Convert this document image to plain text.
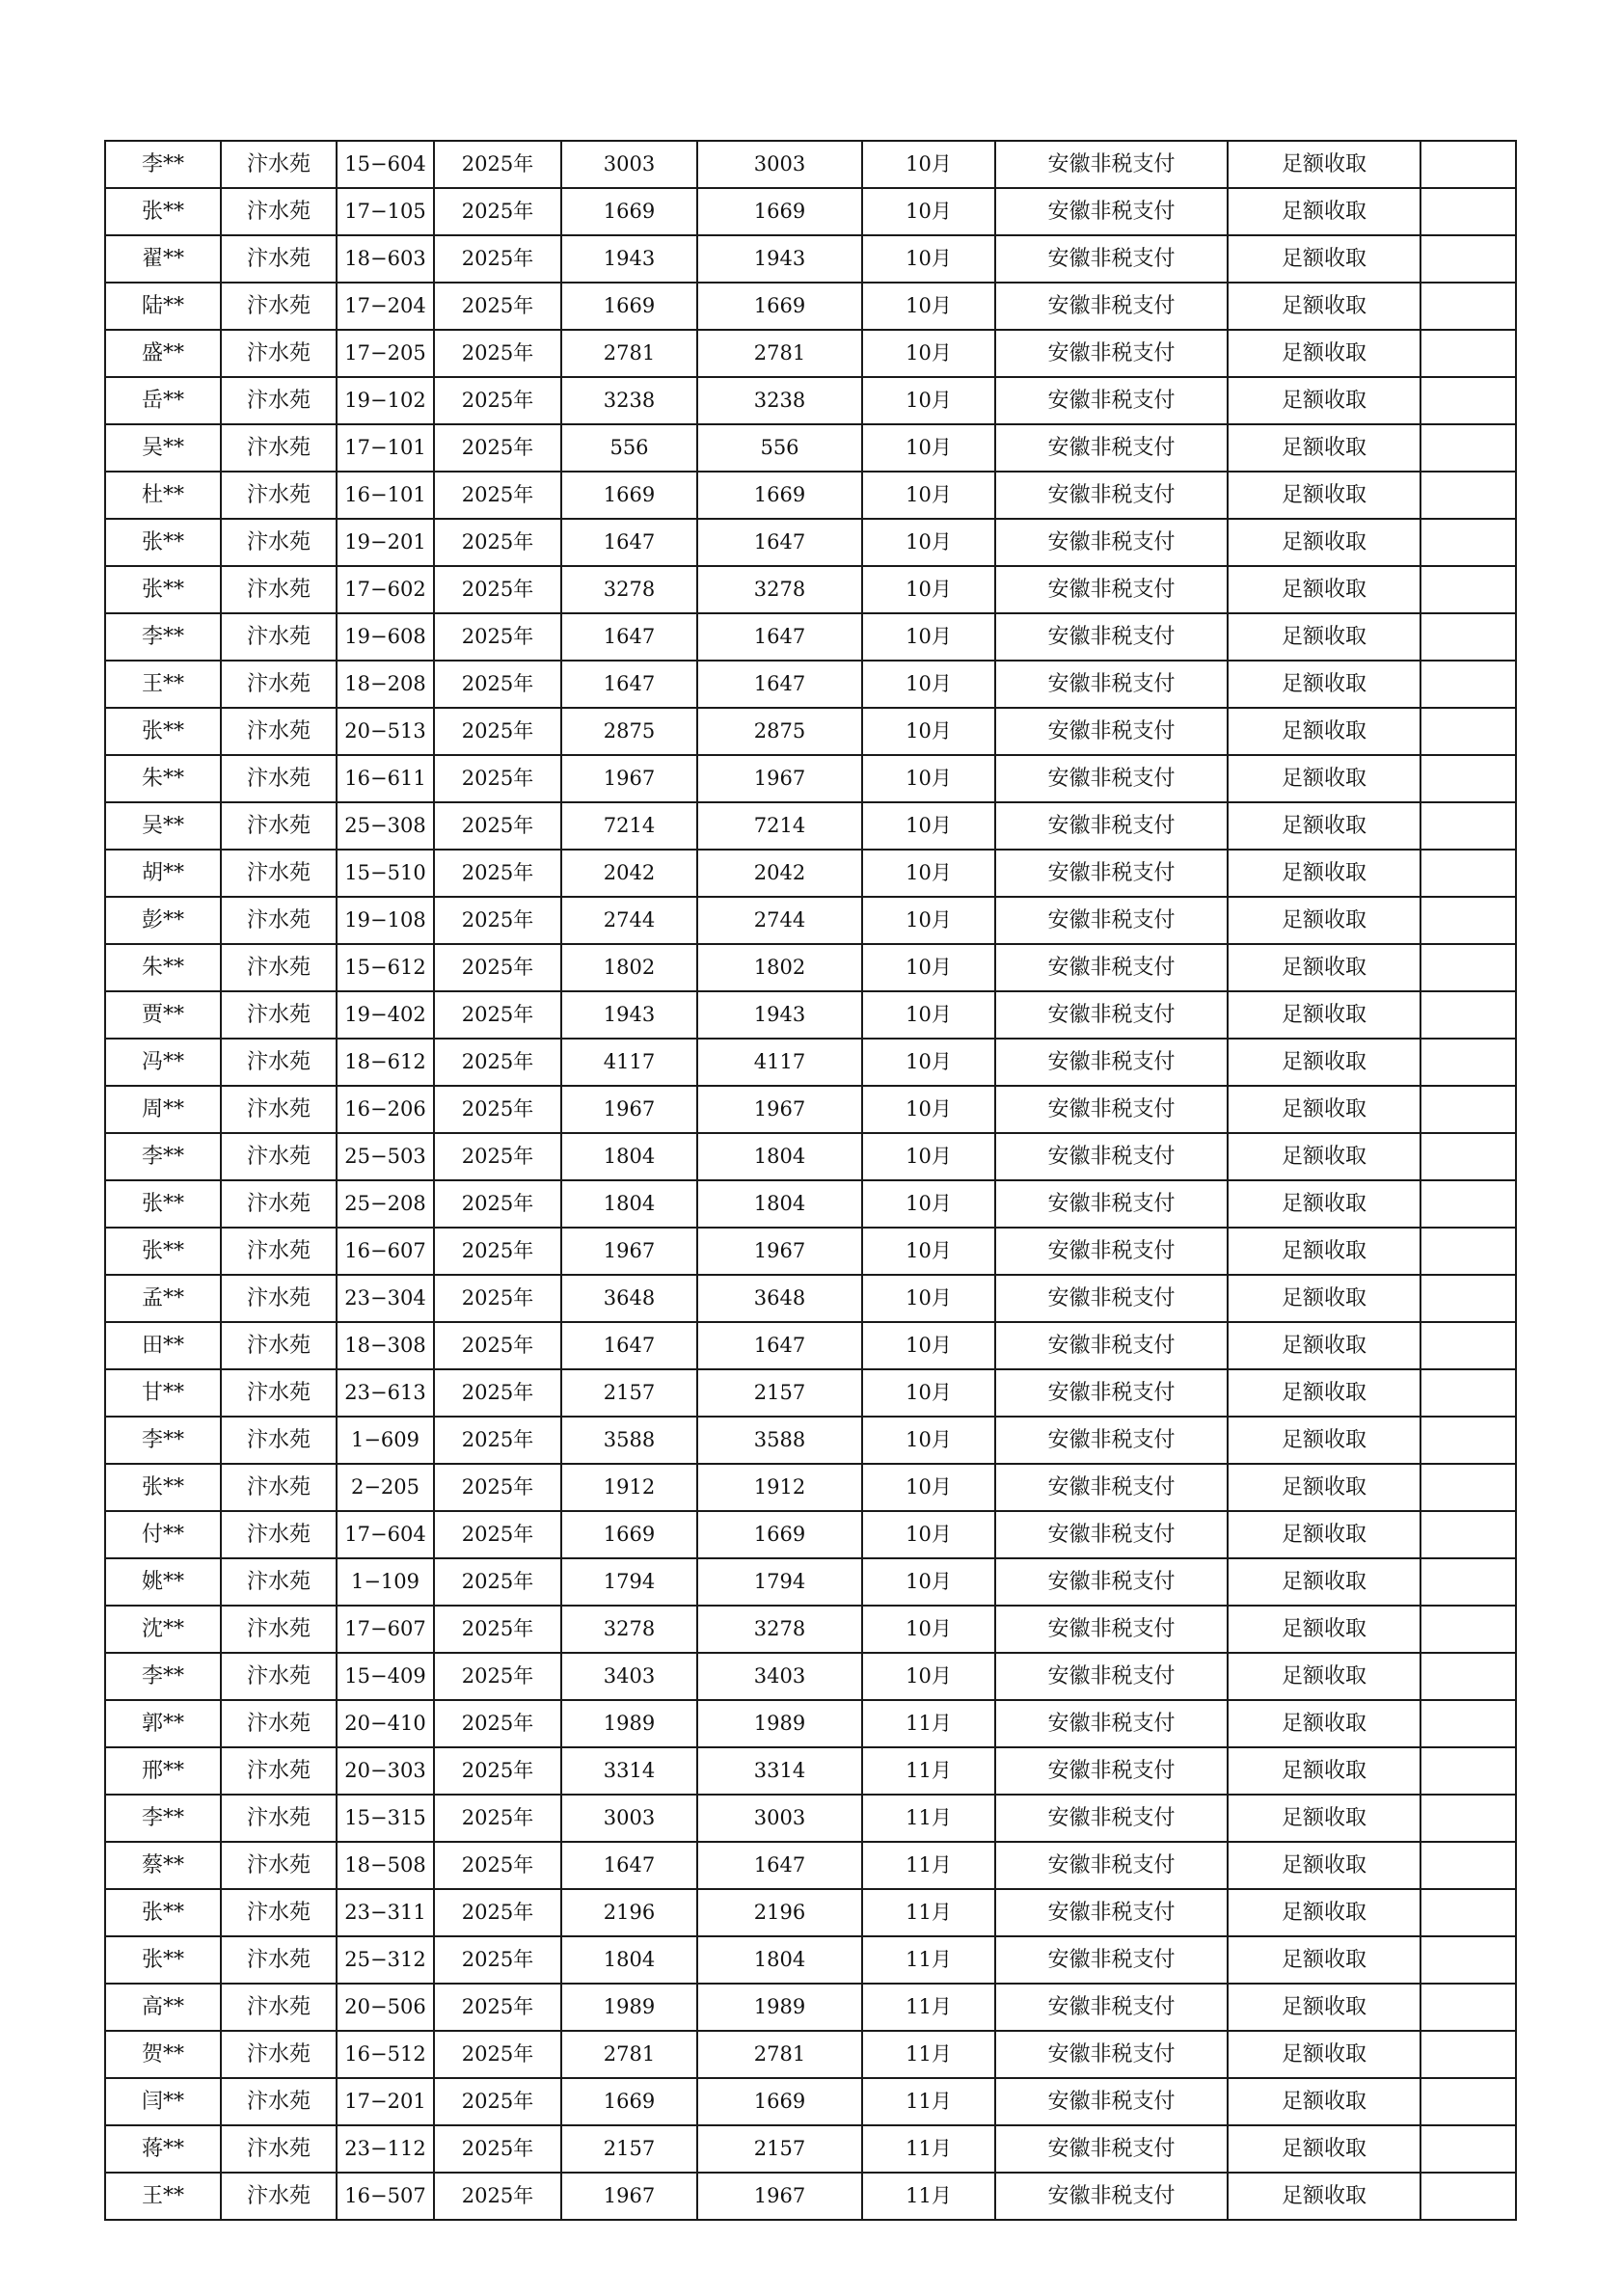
李**	汴水苑	15−604	2025年	3003	3003	10月	安徽非税支付	足额收取	
张**	汴水苑	17−105	2025年	1669	1669	10月	安徽非税支付	足额收取	
翟**	汴水苑	18−603	2025年	1943	1943	10月	安徽非税支付	足额收取	
陆**	汴水苑	17−204	2025年	1669	1669	10月	安徽非税支付	足额收取	
盛**	汴水苑	17−205	2025年	2781	2781	10月	安徽非税支付	足额收取	
岳**	汴水苑	19−102	2025年	3238	3238	10月	安徽非税支付	足额收取	
吴**	汴水苑	17−101	2025年	556	556	10月	安徽非税支付	足额收取	
杜**	汴水苑	16−101	2025年	1669	1669	10月	安徽非税支付	足额收取	
张**	汴水苑	19−201	2025年	1647	1647	10月	安徽非税支付	足额收取	
张**	汴水苑	17−602	2025年	3278	3278	10月	安徽非税支付	足额收取	
李**	汴水苑	19−608	2025年	1647	1647	10月	安徽非税支付	足额收取	
王**	汴水苑	18−208	2025年	1647	1647	10月	安徽非税支付	足额收取	
张**	汴水苑	20−513	2025年	2875	2875	10月	安徽非税支付	足额收取	
朱**	汴水苑	16−611	2025年	1967	1967	10月	安徽非税支付	足额收取	
吴**	汴水苑	25−308	2025年	7214	7214	10月	安徽非税支付	足额收取	
胡**	汴水苑	15−510	2025年	2042	2042	10月	安徽非税支付	足额收取	
彭**	汴水苑	19−108	2025年	2744	2744	10月	安徽非税支付	足额收取	
朱**	汴水苑	15−612	2025年	1802	1802	10月	安徽非税支付	足额收取	
贾**	汴水苑	19−402	2025年	1943	1943	10月	安徽非税支付	足额收取	
冯**	汴水苑	18−612	2025年	4117	4117	10月	安徽非税支付	足额收取	
周**	汴水苑	16−206	2025年	1967	1967	10月	安徽非税支付	足额收取	
李**	汴水苑	25−503	2025年	1804	1804	10月	安徽非税支付	足额收取	
张**	汴水苑	25−208	2025年	1804	1804	10月	安徽非税支付	足额收取	
张**	汴水苑	16−607	2025年	1967	1967	10月	安徽非税支付	足额收取	
孟**	汴水苑	23−304	2025年	3648	3648	10月	安徽非税支付	足额收取	
田**	汴水苑	18−308	2025年	1647	1647	10月	安徽非税支付	足额收取	
甘**	汴水苑	23−613	2025年	2157	2157	10月	安徽非税支付	足额收取	
李**	汴水苑	1−609	2025年	3588	3588	10月	安徽非税支付	足额收取	
张**	汴水苑	2−205	2025年	1912	1912	10月	安徽非税支付	足额收取	
付**	汴水苑	17−604	2025年	1669	1669	10月	安徽非税支付	足额收取	
姚**	汴水苑	1−109	2025年	1794	1794	10月	安徽非税支付	足额收取	
沈**	汴水苑	17−607	2025年	3278	3278	10月	安徽非税支付	足额收取	
李**	汴水苑	15−409	2025年	3403	3403	10月	安徽非税支付	足额收取	
郭**	汴水苑	20−410	2025年	1989	1989	11月	安徽非税支付	足额收取	
邢**	汴水苑	20−303	2025年	3314	3314	11月	安徽非税支付	足额收取	
李**	汴水苑	15−315	2025年	3003	3003	11月	安徽非税支付	足额收取	
蔡**	汴水苑	18−508	2025年	1647	1647	11月	安徽非税支付	足额收取	
张**	汴水苑	23−311	2025年	2196	2196	11月	安徽非税支付	足额收取	
张**	汴水苑	25−312	2025年	1804	1804	11月	安徽非税支付	足额收取	
高**	汴水苑	20−506	2025年	1989	1989	11月	安徽非税支付	足额收取	
贺**	汴水苑	16−512	2025年	2781	2781	11月	安徽非税支付	足额收取	
闫**	汴水苑	17−201	2025年	1669	1669	11月	安徽非税支付	足额收取	
蒋**	汴水苑	23−112	2025年	2157	2157	11月	安徽非税支付	足额收取	
王**	汴水苑	16−507	2025年	1967	1967	11月	安徽非税支付	足额收取	
